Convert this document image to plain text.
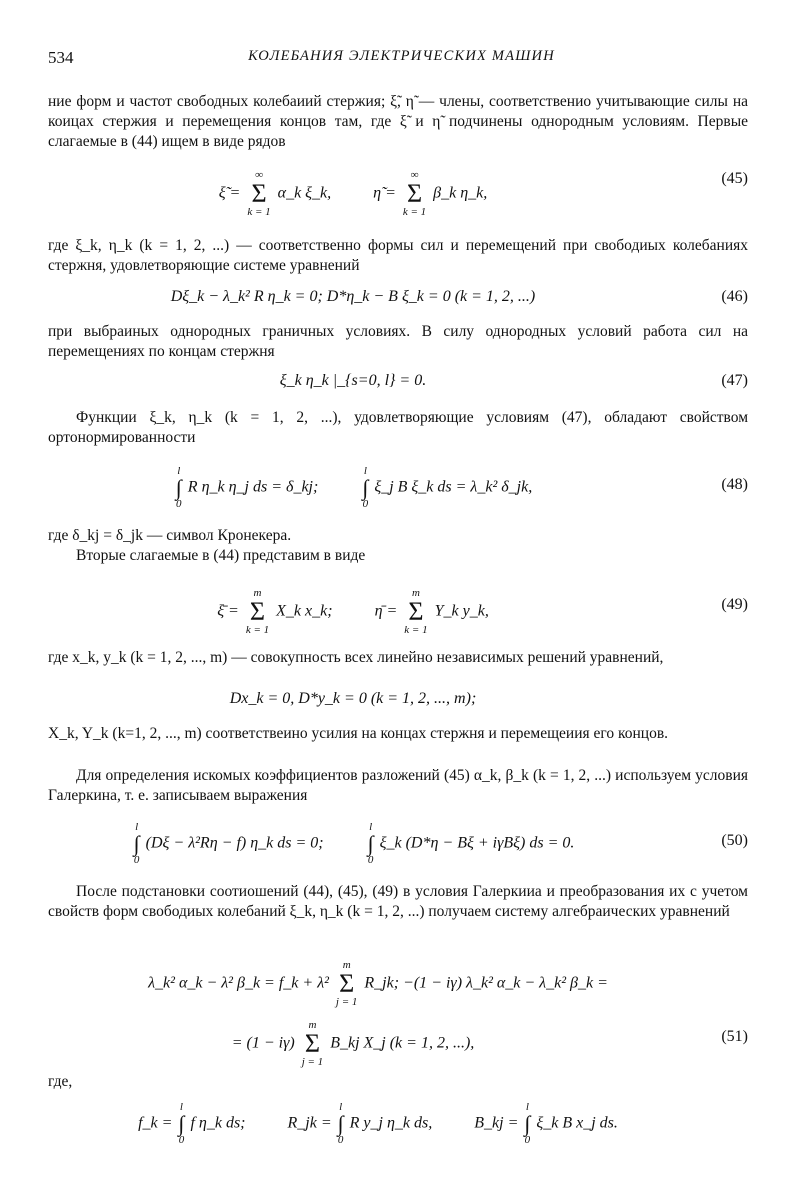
534	КОЛЕБАНИЯ ЭЛЕКТРИЧЕСКИХ МАШИН
ние форм и частот свободных колебаиий стержия; ξ̃, η̃ — члены, соответственио учитывающие силы на коицах стержия и перемещения концов там, где ξ̃ и η̃ подчинены однородным условиям. Первые слагаемые в (44) ищем в виде рядов
ξ̃ =
∞
Σ
k = 1
α_k ξ_k,	η̃ =
∞
Σ
k = 1
β_k η_k,
(45)
где ξ_k, η_k (k = 1, 2, ...) — соответственно формы сил и перемещений при свободиых колебаниях стержня, удовлетворяющие системе уравнений
Dξ_k − λ_k² R η_k = 0; D*η_k − B ξ_k = 0 (k = 1, 2, ...)	(46)
при выбраиных однородных граничных условиях. В силу однородных условий работа сил на перемещениях по концам стержня
ξ_k η_k |_{s=0, l} = 0.	(47)
Функции ξ_k, η_k (k = 1, 2, ...), удовлетворяющие условиям (47), обладают свойством ортонормированности
l
∫
0
R η_k η_j ds = δ_kj;
l
∫
0
ξ_j B ξ_k ds = λ_k² δ_jk,	(48)
где δ_kj = δ_jk — символ Кронекера.
Вторые слагаемые в (44) представим в виде
ξ̄ =
m
Σ
k = 1
X_k x_k;	η̄ =
m
Σ
k = 1
Y_k y_k,	(49)
где x_k, y_k (k = 1, 2, ..., m) — совокупность всех линейно независимых решений уравнений,
Dx_k = 0, D*y_k = 0 (k = 1, 2, ..., m);
X_k, Y_k (k=1, 2, ..., m) соответствеино усилия на концах стержня и перемещеиия его концов.
Для определения искомых коэффициентов разложений (45) α_k, β_k (k = 1, 2, ...) используем условия Галеркина, т. е. записываем выражения
l
∫
0
(Dξ − λ²Rη − f) η_k ds = 0;
l
∫
0
ξ_k (D*η − Bξ + iγBξ) ds = 0.	(50)
После подстановки соотиошений (44), (45), (49) в условия Галеркииа и преобразования их с учетом свойств форм свободиых колебаний ξ_k, η_k (k = 1, 2, ...) получаем систему алгебраических уравнений
λ_k² α_k − λ² β_k = f_k + λ²
m
Σ
j = 1
R_jk; −(1 − iγ) λ_k² α_k − λ_k² β_k =
= (1 − iγ)
m
Σ
j = 1
B_kj X_j (k = 1, 2, ...),	(51)
где,
f_k =
l
∫
0
f η_k ds;	R_jk =
l
∫
0
R y_j η_k ds,	B_kj =
l
∫
0
ξ_k B x_j ds.
